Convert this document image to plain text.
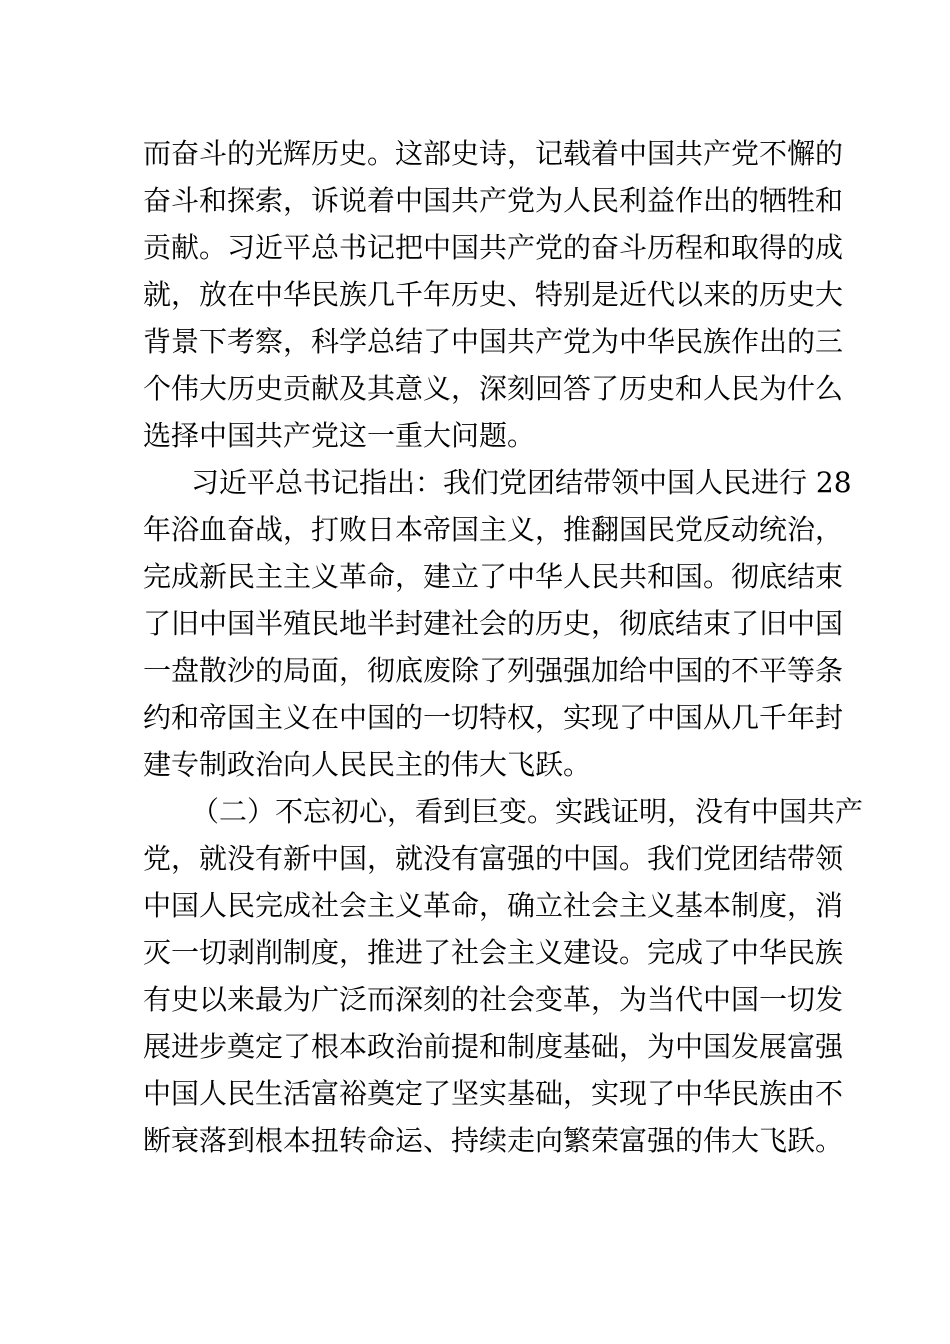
而奋斗的光辉历史。这部史诗，记载着中国共产党不懈的
奋斗和探索，诉说着中国共产党为人民利益作出的牺牲和
贡献。习近平总书记把中国共产党的奋斗历程和取得的成
就，放在中华民族几千年历史、特别是近代以来的历史大
背景下考察，科学总结了中国共产党为中华民族作出的三
个伟大历史贡献及其意义，深刻回答了历史和人民为什么
选择中国共产党这一重大问题。
习近平总书记指出：我们党团结带领中国人民进行 28
年浴血奋战，打败日本帝国主义，推翻国民党反动统治，
完成新民主主义革命，建立了中华人民共和国。彻底结束
了旧中国半殖民地半封建社会的历史，彻底结束了旧中国
一盘散沙的局面，彻底废除了列强强加给中国的不平等条
约和帝国主义在中国的一切特权，实现了中国从几千年封
建专制政治向人民民主的伟大飞跃。
（二）不忘初心，看到巨变。实践证明，没有中国共产
党，就没有新中国，就没有富强的中国。我们党团结带领
中国人民完成社会主义革命，确立社会主义基本制度，消
灭一切剥削制度，推进了社会主义建设。完成了中华民族
有史以来最为广泛而深刻的社会变革，为当代中国一切发
展进步奠定了根本政治前提和制度基础，为中国发展富强
中国人民生活富裕奠定了坚实基础，实现了中华民族由不
断衰落到根本扭转命运、持续走向繁荣富强的伟大飞跃。
